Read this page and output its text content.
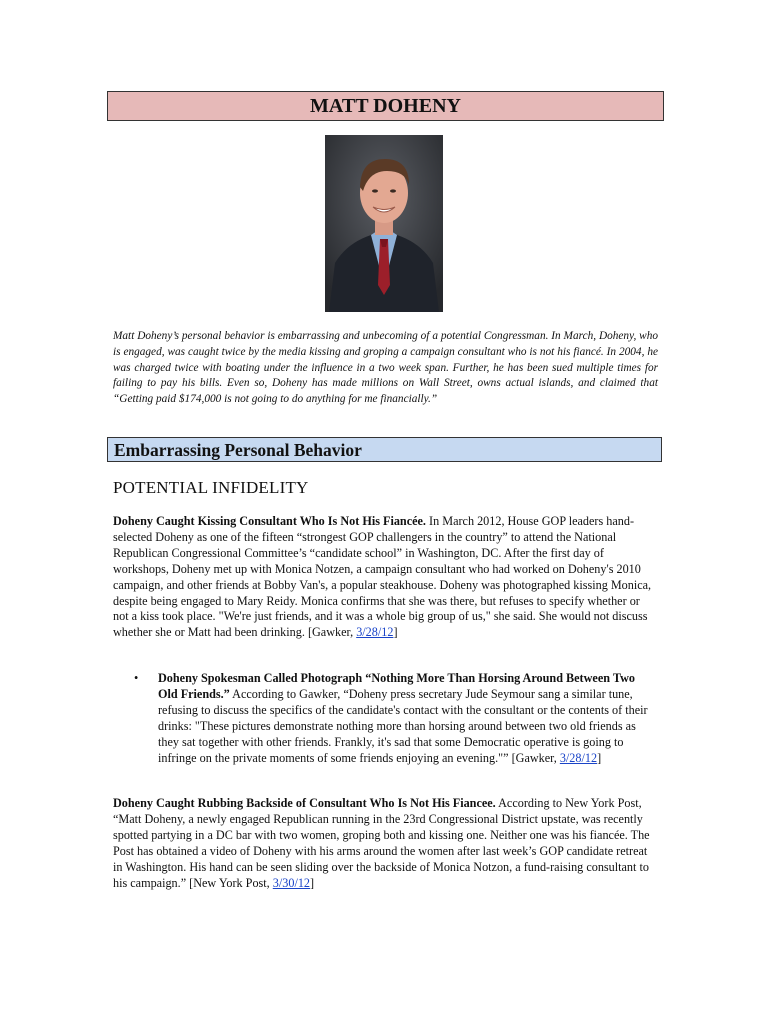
MATT DOHENY
Matt Doheny’s personal behavior is embarrassing and unbecoming of a potential Congressman. In March, Doheny, who is engaged, was caught twice by the media kissing and groping a campaign consultant who is not his fiancé. In 2004, he was charged twice with boating under the influence in a two week span. Further, he has been sued multiple times for failing to pay his bills. Even so, Doheny has made millions on Wall Street, owns actual islands, and claimed that “Getting paid $174,000 is not going to do anything for me financially.”
Embarrassing Personal Behavior
POTENTIAL INFIDELITY
Doheny Caught Kissing Consultant Who Is Not His Fiancée. In March 2012, House GOP leaders hand-selected Doheny as one of the fifteen “strongest GOP challengers in the country” to attend the National Republican Congressional Committee’s “candidate school” in Washington, DC. After the first day of workshops, Doheny met up with Monica Notzen, a campaign consultant who had worked on Doheny's 2010 campaign, and other friends at Bobby Van's, a popular steakhouse. Doheny was photographed kissing Monica, despite being engaged to Mary Reidy. Monica confirms that she was there, but refuses to specify whether or not a kiss took place. "We're just friends, and it was a whole big group of us," she said. She would not discuss whether she or Matt had been drinking. [Gawker, 3/28/12]
• Doheny Spokesman Called Photograph “Nothing More Than Horsing Around Between Two Old Friends.” According to Gawker, “Doheny press secretary Jude Seymour sang a similar tune, refusing to discuss the specifics of the candidate's contact with the consultant or the contents of their drinks: "These pictures demonstrate nothing more than horsing around between two old friends as they sat together with other friends. Frankly, it's sad that some Democratic operative is going to infringe on the private moments of some friends enjoying an evening."” [Gawker, 3/28/12]
Doheny Caught Rubbing Backside of Consultant Who Is Not His Fiancee. According to New York Post, “Matt Doheny, a newly engaged Republican running in the 23rd Congressional District upstate, was recently spotted partying in a DC bar with two women, groping both and kissing one. Neither one was his fiancée. The Post has obtained a video of Doheny with his arms around the women after last week’s GOP candidate retreat in Washington. His hand can be seen sliding over the backside of Monica Notzon, a fund-raising consultant to his campaign.” [New York Post, 3/30/12]
